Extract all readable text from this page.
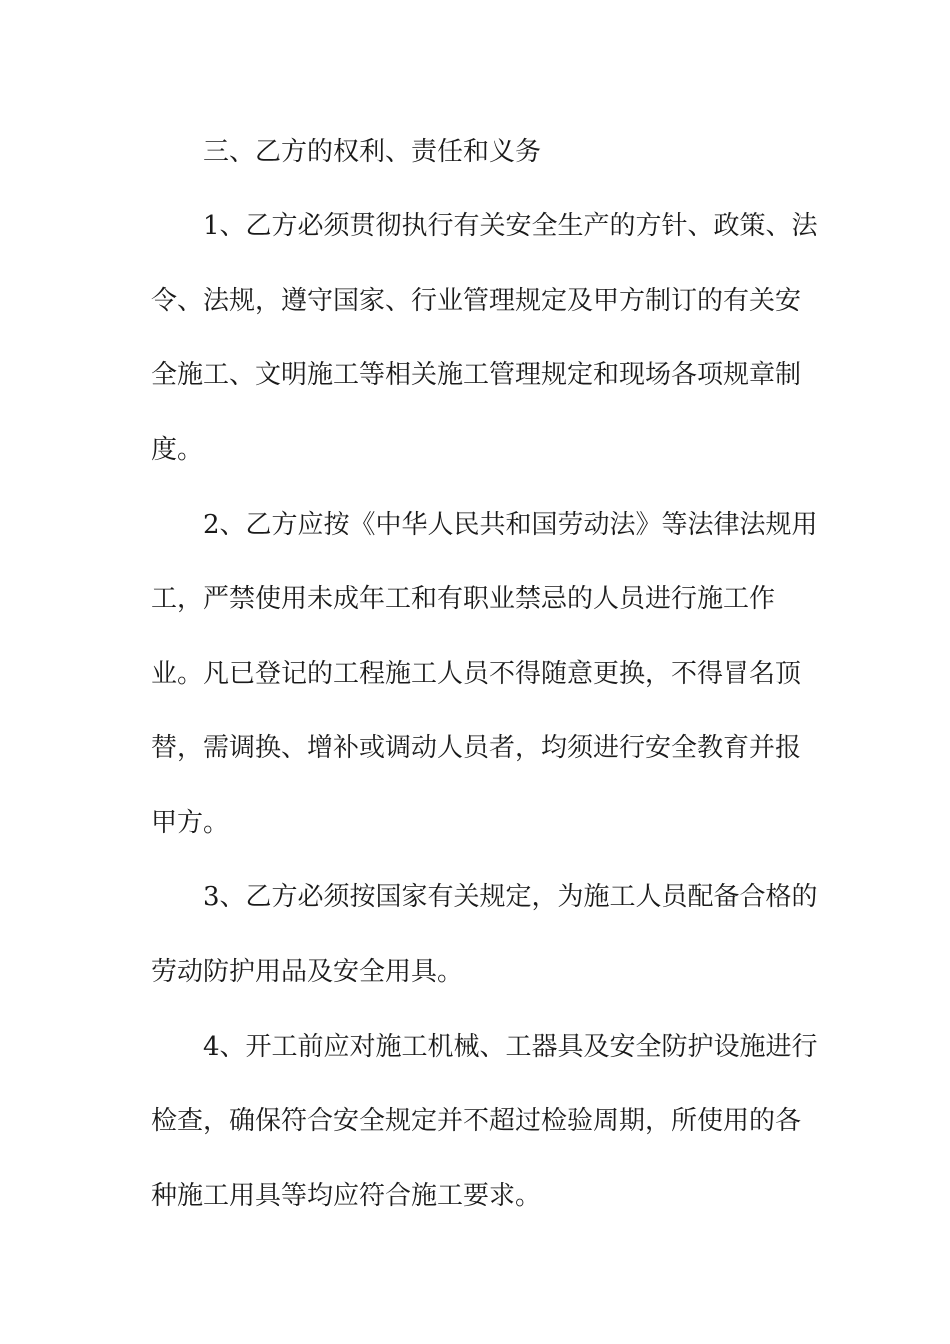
三、乙方的权利、责任和义务
1、乙方必须贯彻执行有关安全生产的方针、政策、法
令、法规，遵守国家、行业管理规定及甲方制订的有关安
全施工、文明施工等相关施工管理规定和现场各项规章制
度。
2、乙方应按《中华人民共和国劳动法》等法律法规用
工，严禁使用未成年工和有职业禁忌的人员进行施工作
业。凡已登记的工程施工人员不得随意更换，不得冒名顶
替，需调换、增补或调动人员者，均须进行安全教育并报
甲方。
3、乙方必须按国家有关规定，为施工人员配备合格的
劳动防护用品及安全用具。
4、开工前应对施工机械、工器具及安全防护设施进行
检查，确保符合安全规定并不超过检验周期，所使用的各
种施工用具等均应符合施工要求。
